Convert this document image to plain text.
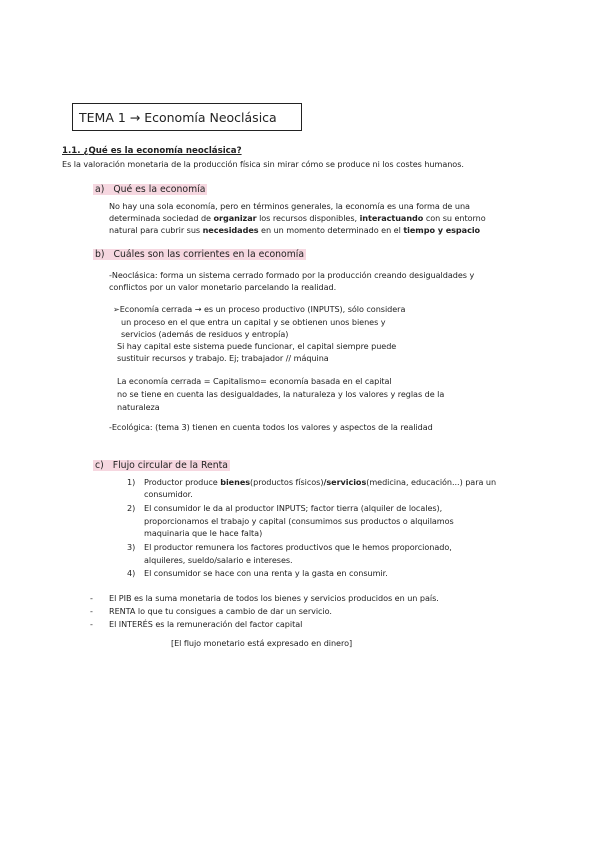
TEMA 1 → Economía Neoclásica
1.1. ¿Qué es la economía neoclásica?
Es la valoración monetaria de la producción física sin mirar cómo se produce ni los costes humanos.
a) Qué es la economía
No hay una sola economía, pero en términos generales, la economía es una forma de una
determinada sociedad de organizar los recursos disponibles, interactuando con su entorno
natural para cubrir sus necesidades en un momento determinado en el tiempo y espacio
b) Cuáles son las corrientes en la economía
-Neoclásica: forma un sistema cerrado formado por la producción creando desigualdades y
conflictos por un valor monetario parcelando la realidad.
➢Economía cerrada → es un proceso productivo (INPUTS), sólo considera
un proceso en el que entra un capital y se obtienen unos bienes y
servicios (además de residuos y entropía)
Si hay capital este sistema puede funcionar, el capital siempre puede
sustituir recursos y trabajo. Ej; trabajador // máquina
La economía cerrada = Capitalismo= economía basada en el capital
no se tiene en cuenta las desigualdades, la naturaleza y los valores y reglas de la
naturaleza
-Ecológica: (tema 3) tienen en cuenta todos los valores y aspectos de la realidad
c) Flujo circular de la Renta
1) Productor produce bienes(productos físicos)/servicios(medicina, educación...) para un
consumidor.
2) El consumidor le da al productor INPUTS; factor tierra (alquiler de locales),
proporcionamos el trabajo y capital (consumimos sus productos o alquilamos
maquinaria que le hace falta)
3) El productor remunera los factores productivos que le hemos proporcionado,
alquileres, sueldo/salario e intereses.
4) El consumidor se hace con una renta y la gasta en consumir.
- El PIB es la suma monetaria de todos los bienes y servicios producidos en un país.
- RENTA lo que tu consigues a cambio de dar un servicio.
- El INTERÉS es la remuneración del factor capital
[El flujo monetario está expresado en dinero]
